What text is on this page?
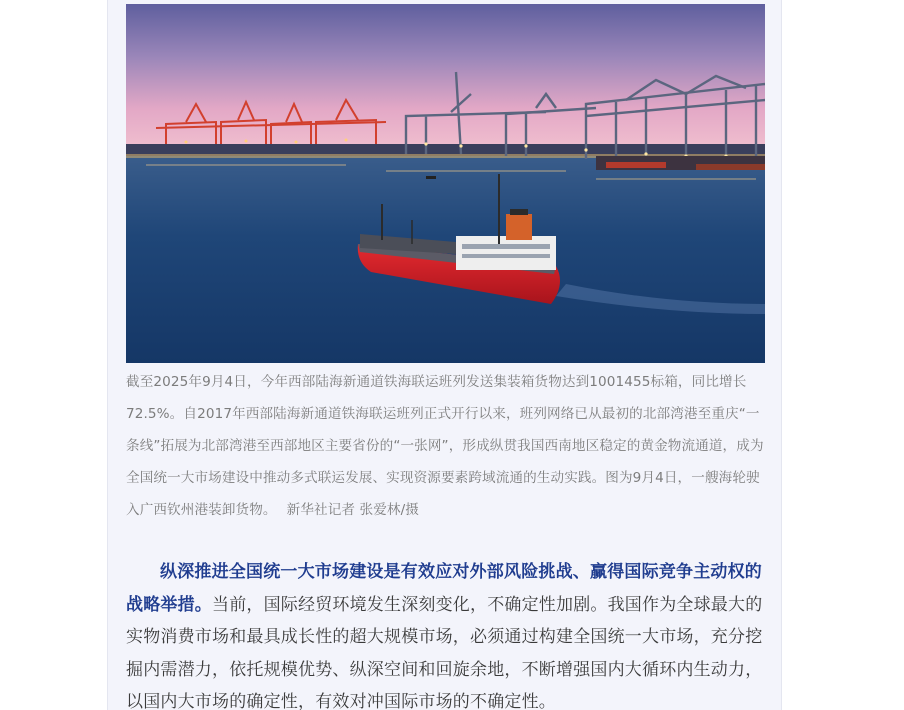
截至2025年9月4日，今年西部陆海新通道铁海联运班列发送集装箱货物达到1001455标箱，同比增长72.5%。自2017年西部陆海新通道铁海联运班列正式开行以来，班列网络已从最初的北部湾港至重庆“一条线”拓展为北部湾港至西部地区主要省份的“一张网”，形成纵贯我国西南地区稳定的黄金物流通道，成为全国统一大市场建设中推动多式联运发展、实现资源要素跨域流通的生动实践。图为9月4日，一艘海轮驶入广西钦州港装卸货物。 新华社记者 张爱林/摄
纵深推进全国统一大市场建设是有效应对外部风险挑战、赢得国际竞争主动权的战略举措。当前，国际经贸环境发生深刻变化，不确定性加剧。我国作为全球最大的实物消费市场和最具成长性的超大规模市场，必须通过构建全国统一大市场，充分挖掘内需潜力，依托规模优势、纵深空间和回旋余地，不断增强国内大循环内生动力，以国内大市场的确定性，有效对冲国际市场的不确定性。
